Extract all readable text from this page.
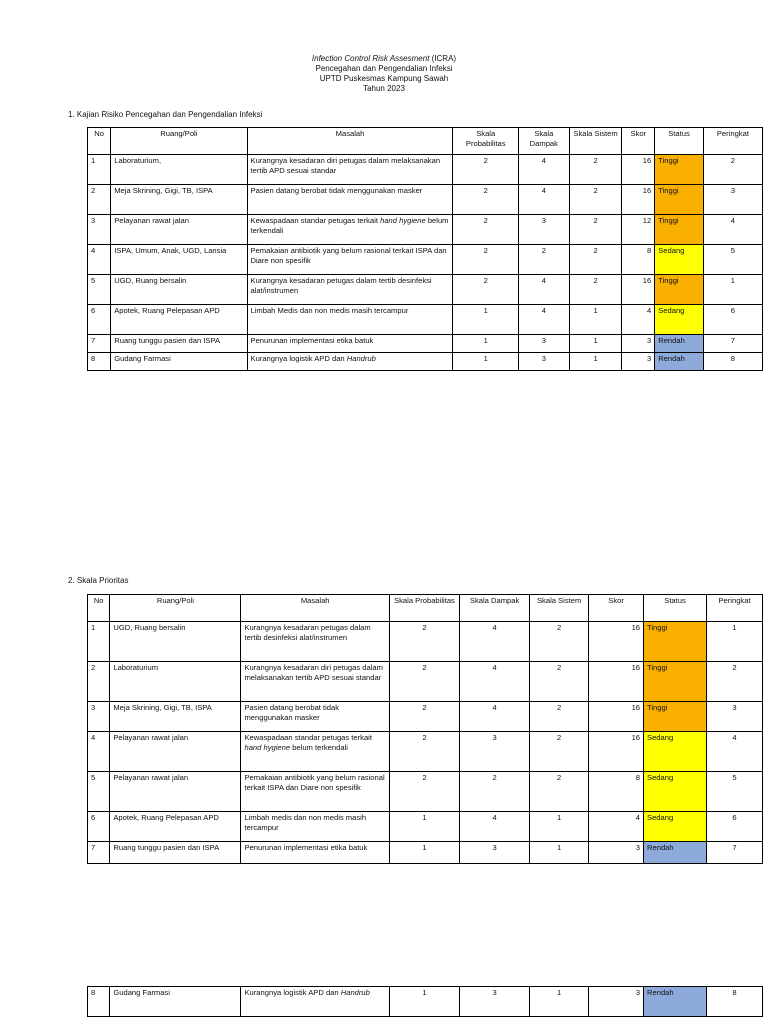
Infection Control Risk Assesment (ICRA)
Pencegahan dan Pengendalian Infeksi
UPTD Puskesmas Kampung Sawah
Tahun 2023
1. Kajian Risiko Pencegahan dan Pengendalian Infeksi
No	Ruang/Poli	Masalah	Skala Probabilitas	Skala Dampak	Skala Sistem	Skor	Status	Peringkat
1	Laboraturium,	Kurangnya kesadaran diri petugas dalam melaksanakan tertib APD sesuai standar	2	4	2	16	Tinggi	2
2	Meja Skrining, Gigi, TB, ISPA	Pasien datang berobat tidak menggunakan masker	2	4	2	16	Tinggi	3
3	Pelayanan rawat jalan	Kewaspadaan standar petugas terkait hand hygiene belum terkendali	2	3	2	12	Tinggi	4
4	ISPA, Umum, Anak, UGD, Lansia	Pemakaian antibiotik yang belum rasional terkait ISPA dan Diare non spesifik	2	2	2	8	Sedang	5
5	UGD, Ruang bersalin	Kurangnya kesadaran petugas dalam tertib desinfeksi alat/instrumen	2	4	2	16	Tinggi	1
6	Apotek, Ruang Pelepasan APD	Limbah Medis dan non medis masih tercampur	1	4	1	4	Sedang	6
7	Ruang tunggu pasien dan ISPA	Penurunan implementasi etika batuk	1	3	1	3	Rendah	7
8	Gudang Farmasi	Kurangnya logistik APD dan Handrub	1	3	1	3	Rendah	8
2. Skala Prioritas
No	Ruang/Poli	Masalah	Skala Probabilitas	Skala Dampak	Skala Sistem	Skor	Status	Peringkat
1	UGD, Ruang bersalin	Kurangnya kesadaran petugas dalam tertib desinfeksi alat/instrumen	2	4	2	16	Tinggi	1
2	Laboraturium	Kurangnya kesadaran diri petugas dalam melaksanakan tertib APD sesuai standar	2	4	2	16	Tinggi	2
3	Meja Skrining, Gigi, TB, ISPA	Pasien datang berobat tidak menggunakan masker	2	4	2	16	Tinggi	3
4	Pelayanan rawat jalan	Kewaspadaan standar petugas terkait hand hygiene belum terkendali	2	3	2	16	Sedang	4
5	Pelayanan rawat jalan	Pemakaian antibiotik yang belum rasional terkait ISPA dan Diare non spesifik	2	2	2	8	Sedang	5
6	Apotek, Ruang Pelepasan APD	Limbah medis dan non medis masih tercampur	1	4	1	4	Sedang	6
7	Ruang tunggu pasien dan ISPA	Penurunan implementasi etika batuk	1	3	1	3	Rendah	7
8	Gudang Farmasi	Kurangnya logistik APD dan Handrub	1	3	1	3	Rendah	8
